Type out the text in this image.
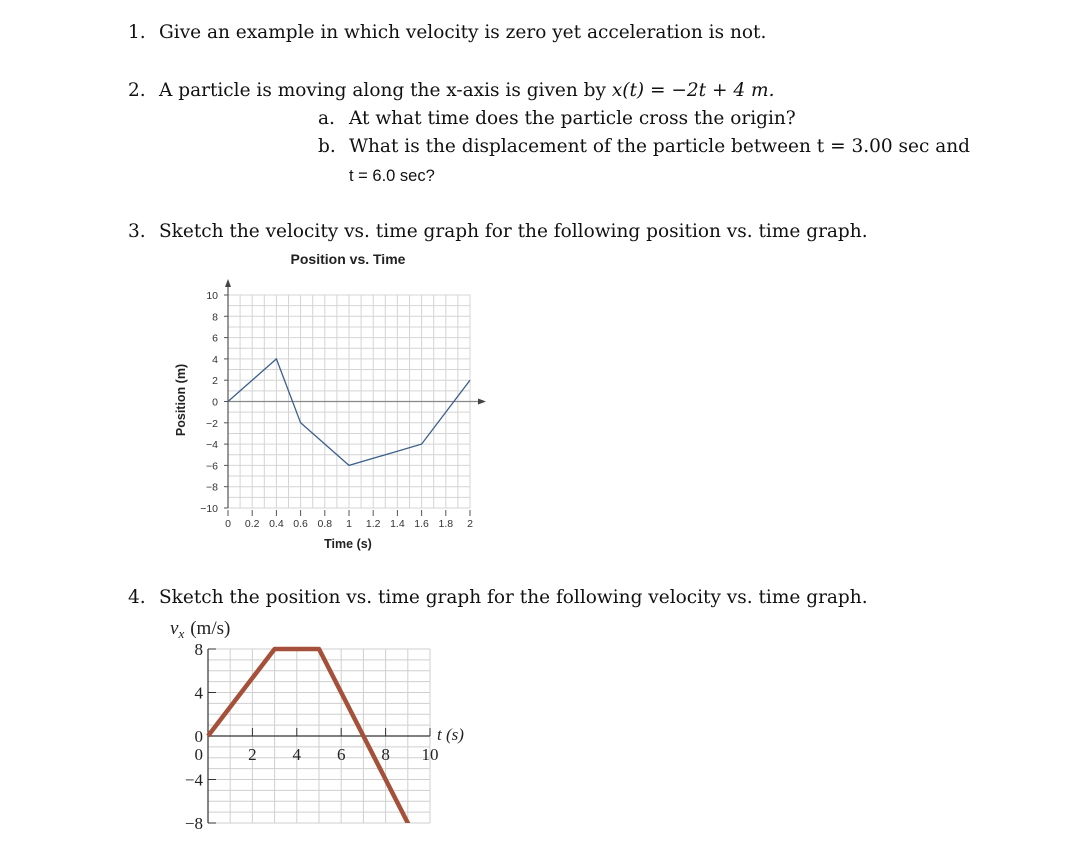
1. Give an example in which velocity is zero yet acceleration is not.
2. A particle is moving along the x-axis is given by x(t) = −2t + 4 m.
a. At what time does the particle cross the origin?
b. What is the displacement of the particle between t = 3.00 sec and
t = 6.0 sec?
3. Sketch the velocity vs. time graph for the following position vs. time graph.
Position vs. Time
Position (m)
Time (s)
10
8
6
4
2
0
−2
−4
−6
−8
−10
0 0.2 0.4 0.6 0.8 1 1.2 1.4 1.6 1.8 2
4. Sketch the position vs. time graph for the following velocity vs. time graph.
$v_x$ (m/s)
t (s)
8
4
0
−4
−8
0	2 4 6 8 10
